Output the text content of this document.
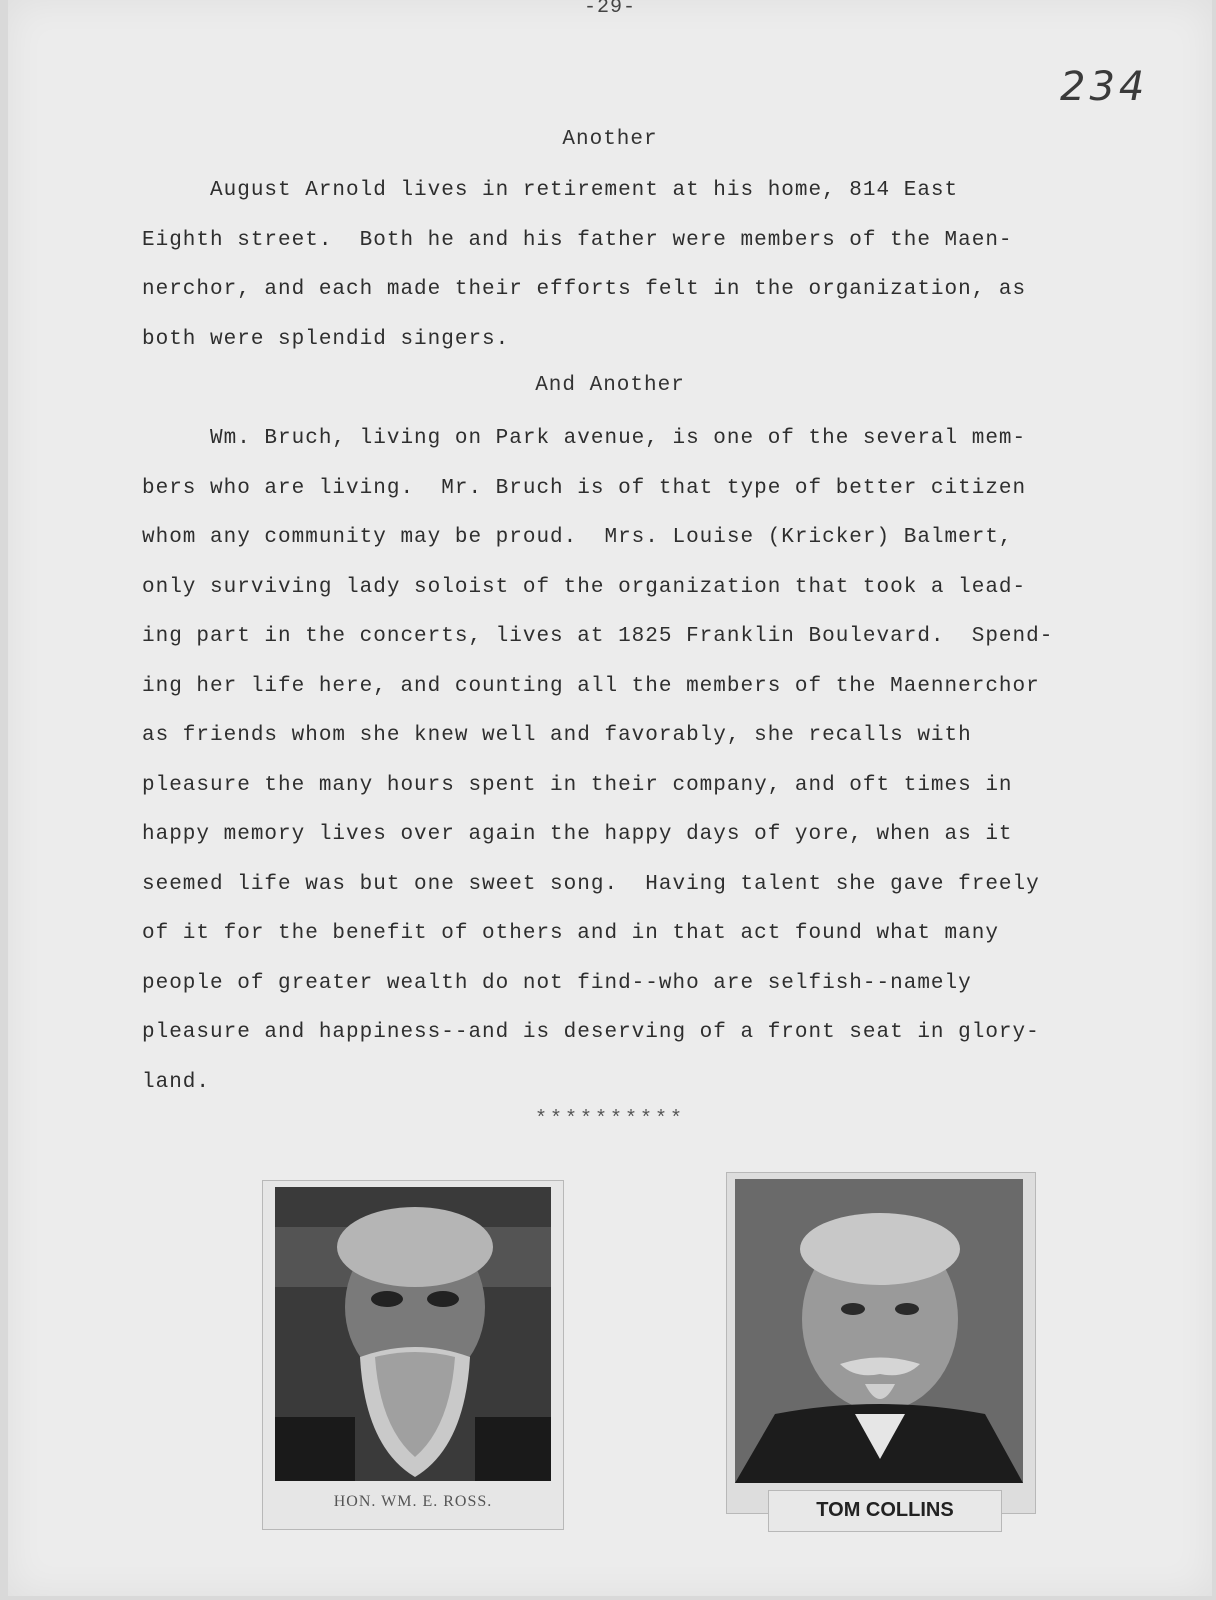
-29-
234
Another
August Arnold lives in retirement at his home, 814 East
Eighth street.  Both he and his father were members of the Maen-
nerchor, and each made their efforts felt in the organization, as
both were splendid singers.
And Another
Wm. Bruch, living on Park avenue, is one of the several mem-
bers who are living.  Mr. Bruch is of that type of better citizen
whom any community may be proud.  Mrs. Louise (Kricker) Balmert,
only surviving lady soloist of the organization that took a lead-
ing part in the concerts, lives at 1825 Franklin Boulevard.  Spend-
ing her life here, and counting all the members of the Maennerchor
as friends whom she knew well and favorably, she recalls with
pleasure the many hours spent in their company, and oft times in
happy memory lives over again the happy days of yore, when as it
seemed life was but one sweet song.  Having talent she gave freely
of it for the benefit of others and in that act found what many
people of greater wealth do not find--who are selfish--namely
pleasure and happiness--and is deserving of a front seat in glory-
land.
**********
HON. WM. E. ROSS.	TOM COLLINS
